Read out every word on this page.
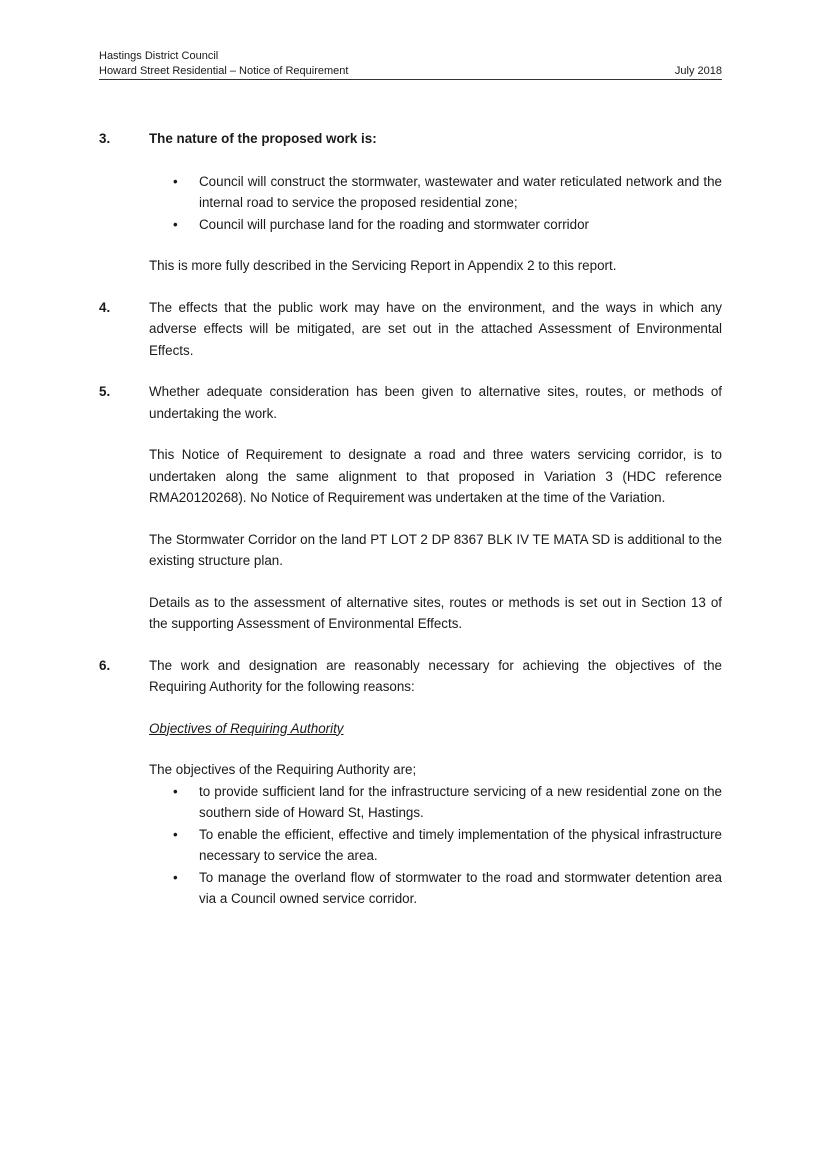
Hastings District Council
Howard Street Residential – Notice of Requirement	July 2018
3.	The nature of the proposed work is:

• Council will construct the stormwater, wastewater and water reticulated network and the internal road to service the proposed residential zone;
• Council will purchase land for the roading and stormwater corridor

This is more fully described in the Servicing Report in Appendix 2 to this report.

4.	The effects that the public work may have on the environment, and the ways in which any adverse effects will be mitigated, are set out in the attached Assessment of Environmental Effects.

5.	Whether adequate consideration has been given to alternative sites, routes, or methods of undertaking the work.

This Notice of Requirement to designate a road and three waters servicing corridor, is to undertaken along the same alignment to that proposed in Variation 3 (HDC reference RMA20120268). No Notice of Requirement was undertaken at the time of the Variation.

The Stormwater Corridor on the land PT LOT 2 DP 8367 BLK IV TE MATA SD is additional to the existing structure plan.

Details as to the assessment of alternative sites, routes or methods is set out in Section 13 of the supporting Assessment of Environmental Effects.

6.	The work and designation are reasonably necessary for achieving the objectives of the Requiring Authority for the following reasons:

Objectives of Requiring Authority

The objectives of the Requiring Authority are;

• to provide sufficient land for the infrastructure servicing of a new residential zone on the southern side of Howard St, Hastings.
• To enable the efficient, effective and timely implementation of the physical infrastructure necessary to service the area.
• To manage the overland flow of stormwater to the road and stormwater detention area via a Council owned service corridor.
